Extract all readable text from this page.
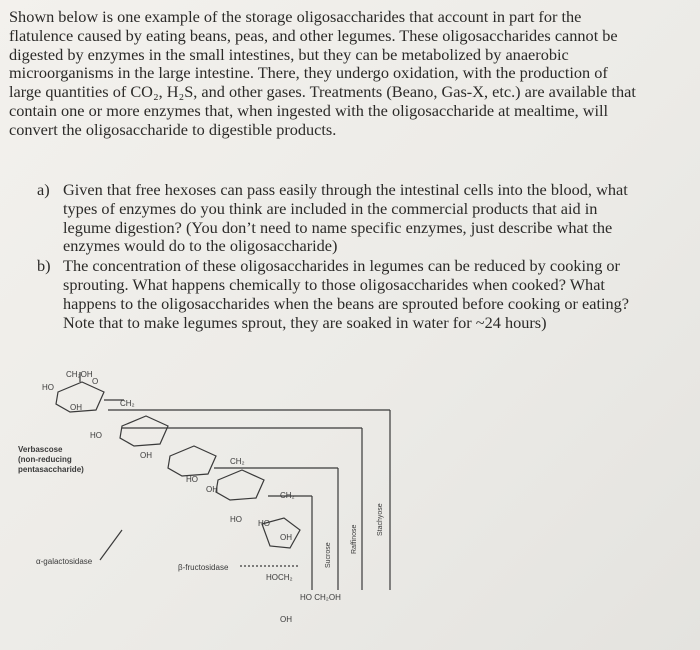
Shown below is one example of the storage oligosaccharides that account in part for the
flatulence caused by eating beans, peas, and other legumes. These oligosaccharides cannot be
digested by enzymes in the small intestines, but they can be metabolized by anaerobic
microorganisms in the large intestine. There, they undergo oxidation, with the production of
large quantities of CO₂, H₂S, and other gases. Treatments (Beano, Gas-X, etc.) are available that
contain one or more enzymes that, when ingested with the oligosaccharide at mealtime, will
convert the oligosaccharide to digestible products.
a) Given that free hexoses can pass easily through the intestinal cells into the blood, what
types of enzymes do you think are included in the commercial products that aid in
legume digestion? (You don’t need to name specific enzymes, just describe what the
enzymes would do to the oligosaccharide)
b) The concentration of these oligosaccharides in legumes can be reduced by cooking or
sprouting. What happens chemically to those oligosaccharides when cooked? What
happens to the oligosaccharides when the beans are sprouted before cooking or eating?
Note that to make legumes sprout, they are soaked in water for ~24 hours)
CH₂OH
HO
O
OH	CH₂
HO
OH
CH₂
HO
OH
CH₂
HO HO
OH
HOCH₂
HO CH₂OH
OH
Verbascose
(non-reducing
pentasaccharide)
α-galactosidase
β-fructosidase	Sucrose
Raffinose
Stachyose
